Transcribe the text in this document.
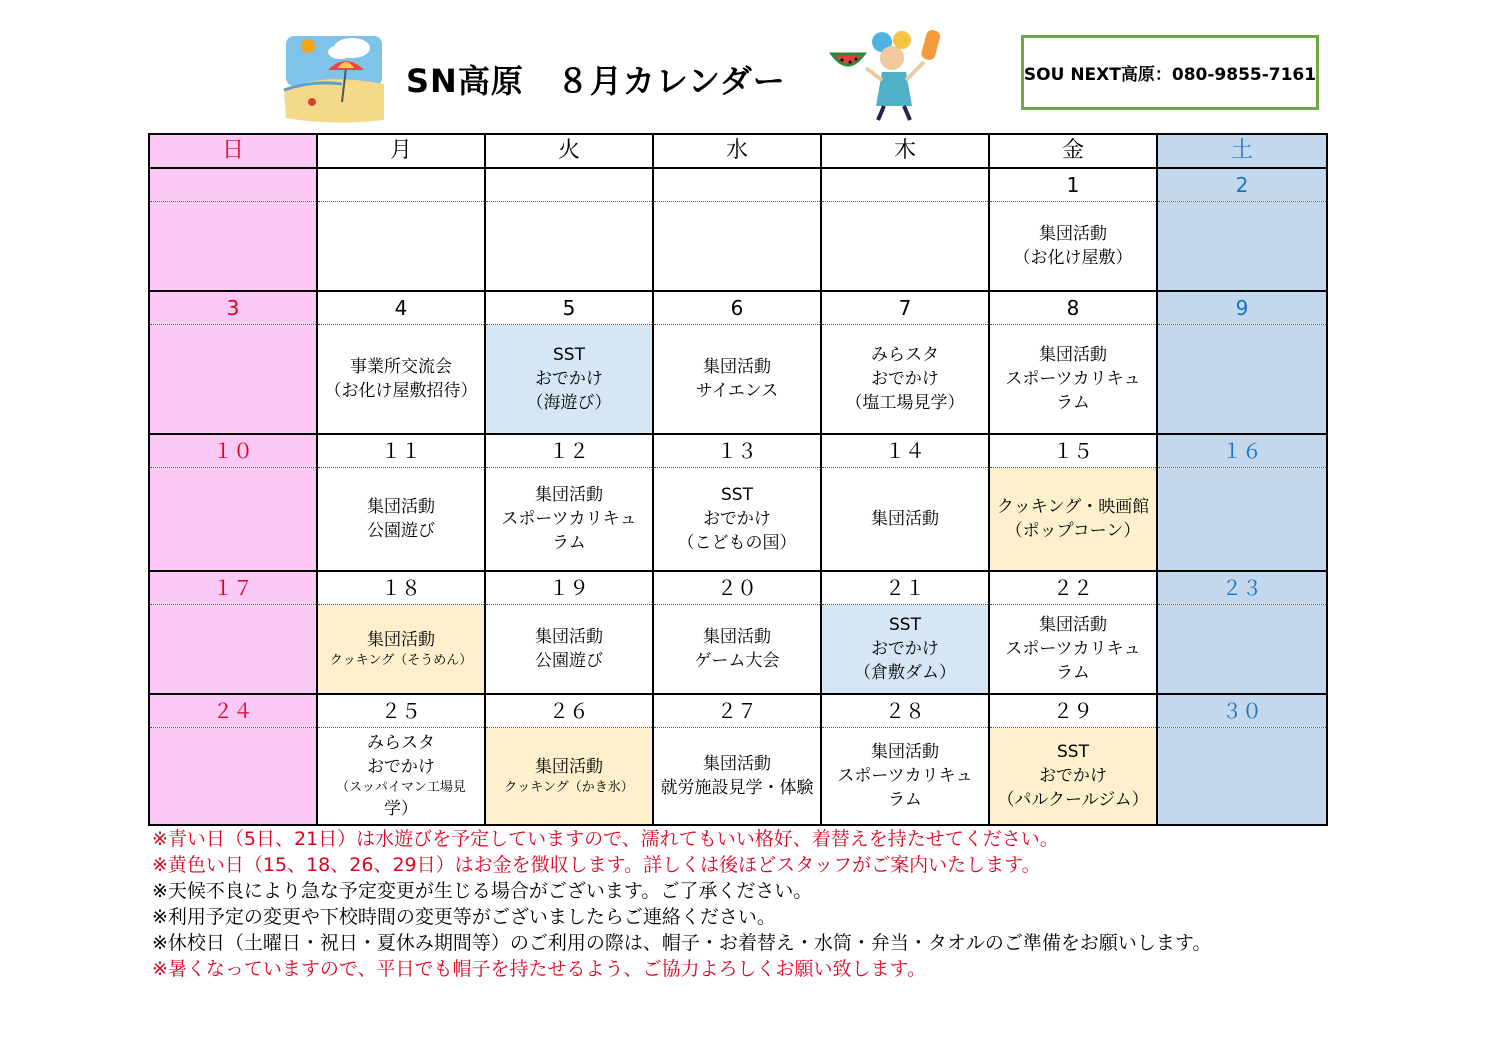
SN高原　８月カレンダー	SOU NEXT高原：080-9855-7161
日	月	火	水	木	金	土
					1	2

					集団活動
（お化け屋敷）	

3	4	5	6	7	8	9

	事業所交流会
（お化け屋敷招待）	SST
おでかけ
（海遊び）	集団活動
サイエンス	みらスタ
おでかけ
（塩工場見学）	集団活動
スポーツカリキュ
ラム	

１０	１１	１２	１３	１４	１５	１６

	集団活動
公園遊び	集団活動
スポーツカリキュ
ラム	SST
おでかけ
（こどもの国）	集団活動	クッキング・映画館
（ポップコーン）	

１７	１８	１９	２０	２１	２２	２３

	集団活動
クッキング（そうめん）	集団活動
公園遊び	集団活動
ゲーム大会	SST
おでかけ
（倉敷ダム）	集団活動
スポーツカリキュ
ラム	

２４	２５	２６	２７	２８	２９	３０

	みらスタ
おでかけ
（スッパイマン工場見
学）	集団活動
クッキング（かき氷）	集団活動
就労施設見学・体験	集団活動
スポーツカリキュ
ラム	SST
おでかけ
（パルクールジム）	

※青い日（5日、21日）は水遊びを予定していますので、濡れてもいい格好、着替えを持たせてください。
※黄色い日（15、18、26、29日）はお金を徴収します。詳しくは後ほどスタッフがご案内いたします。
※天候不良により急な予定変更が生じる場合がございます。ご了承ください。
※利用予定の変更や下校時間の変更等がございましたらご連絡ください。
※休校日（土曜日・祝日・夏休み期間等）のご利用の際は、帽子・お着替え・水筒・弁当・タオルのご準備をお願いします。
※暑くなっていますので、平日でも帽子を持たせるよう、ご協力よろしくお願い致します。
